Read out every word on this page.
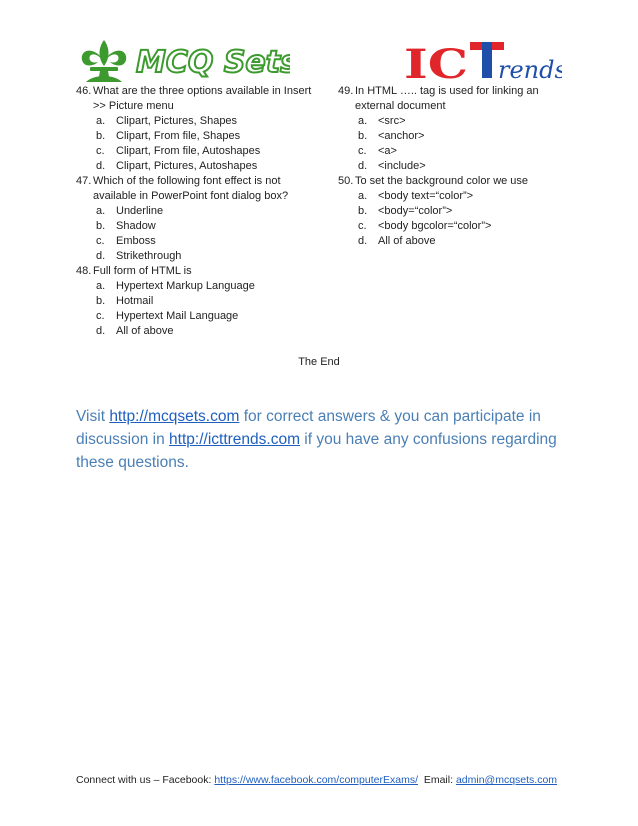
MCQ Sets	IC rends
46. What are the three options available in Insert >> Picture menu
a. Clipart, Pictures, Shapes
b. Clipart, From file, Shapes
c.	Clipart, From file, Autoshapes
d. Clipart, Pictures, Autoshapes
47. Which of the following font effect is not available in PowerPoint font dialog box?
a. Underline
b. Shadow
c.	Emboss
d. Strikethrough
48. Full form of HTML is
a. Hypertext Markup Language
b. Hotmail
c.	Hypertext Mail Language
d. All of above
49. In HTML ….. tag is used for linking an external document
a. <src>
b. <anchor>
c.	<a>
d. <include>
50. To set the background color we use
a. <body text=“color”>
b. <body=“color”>
c.	<body bgcolor=“color”>
d. All of above
The End
Visit http://mcqsets.com for correct answers & you can participate in discussion in http://icttrends.com if you have any confusions regarding these questions.
Connect with us – Facebook: https://www.facebook.com/computerExams/  Email: admin@mcqsets.com
